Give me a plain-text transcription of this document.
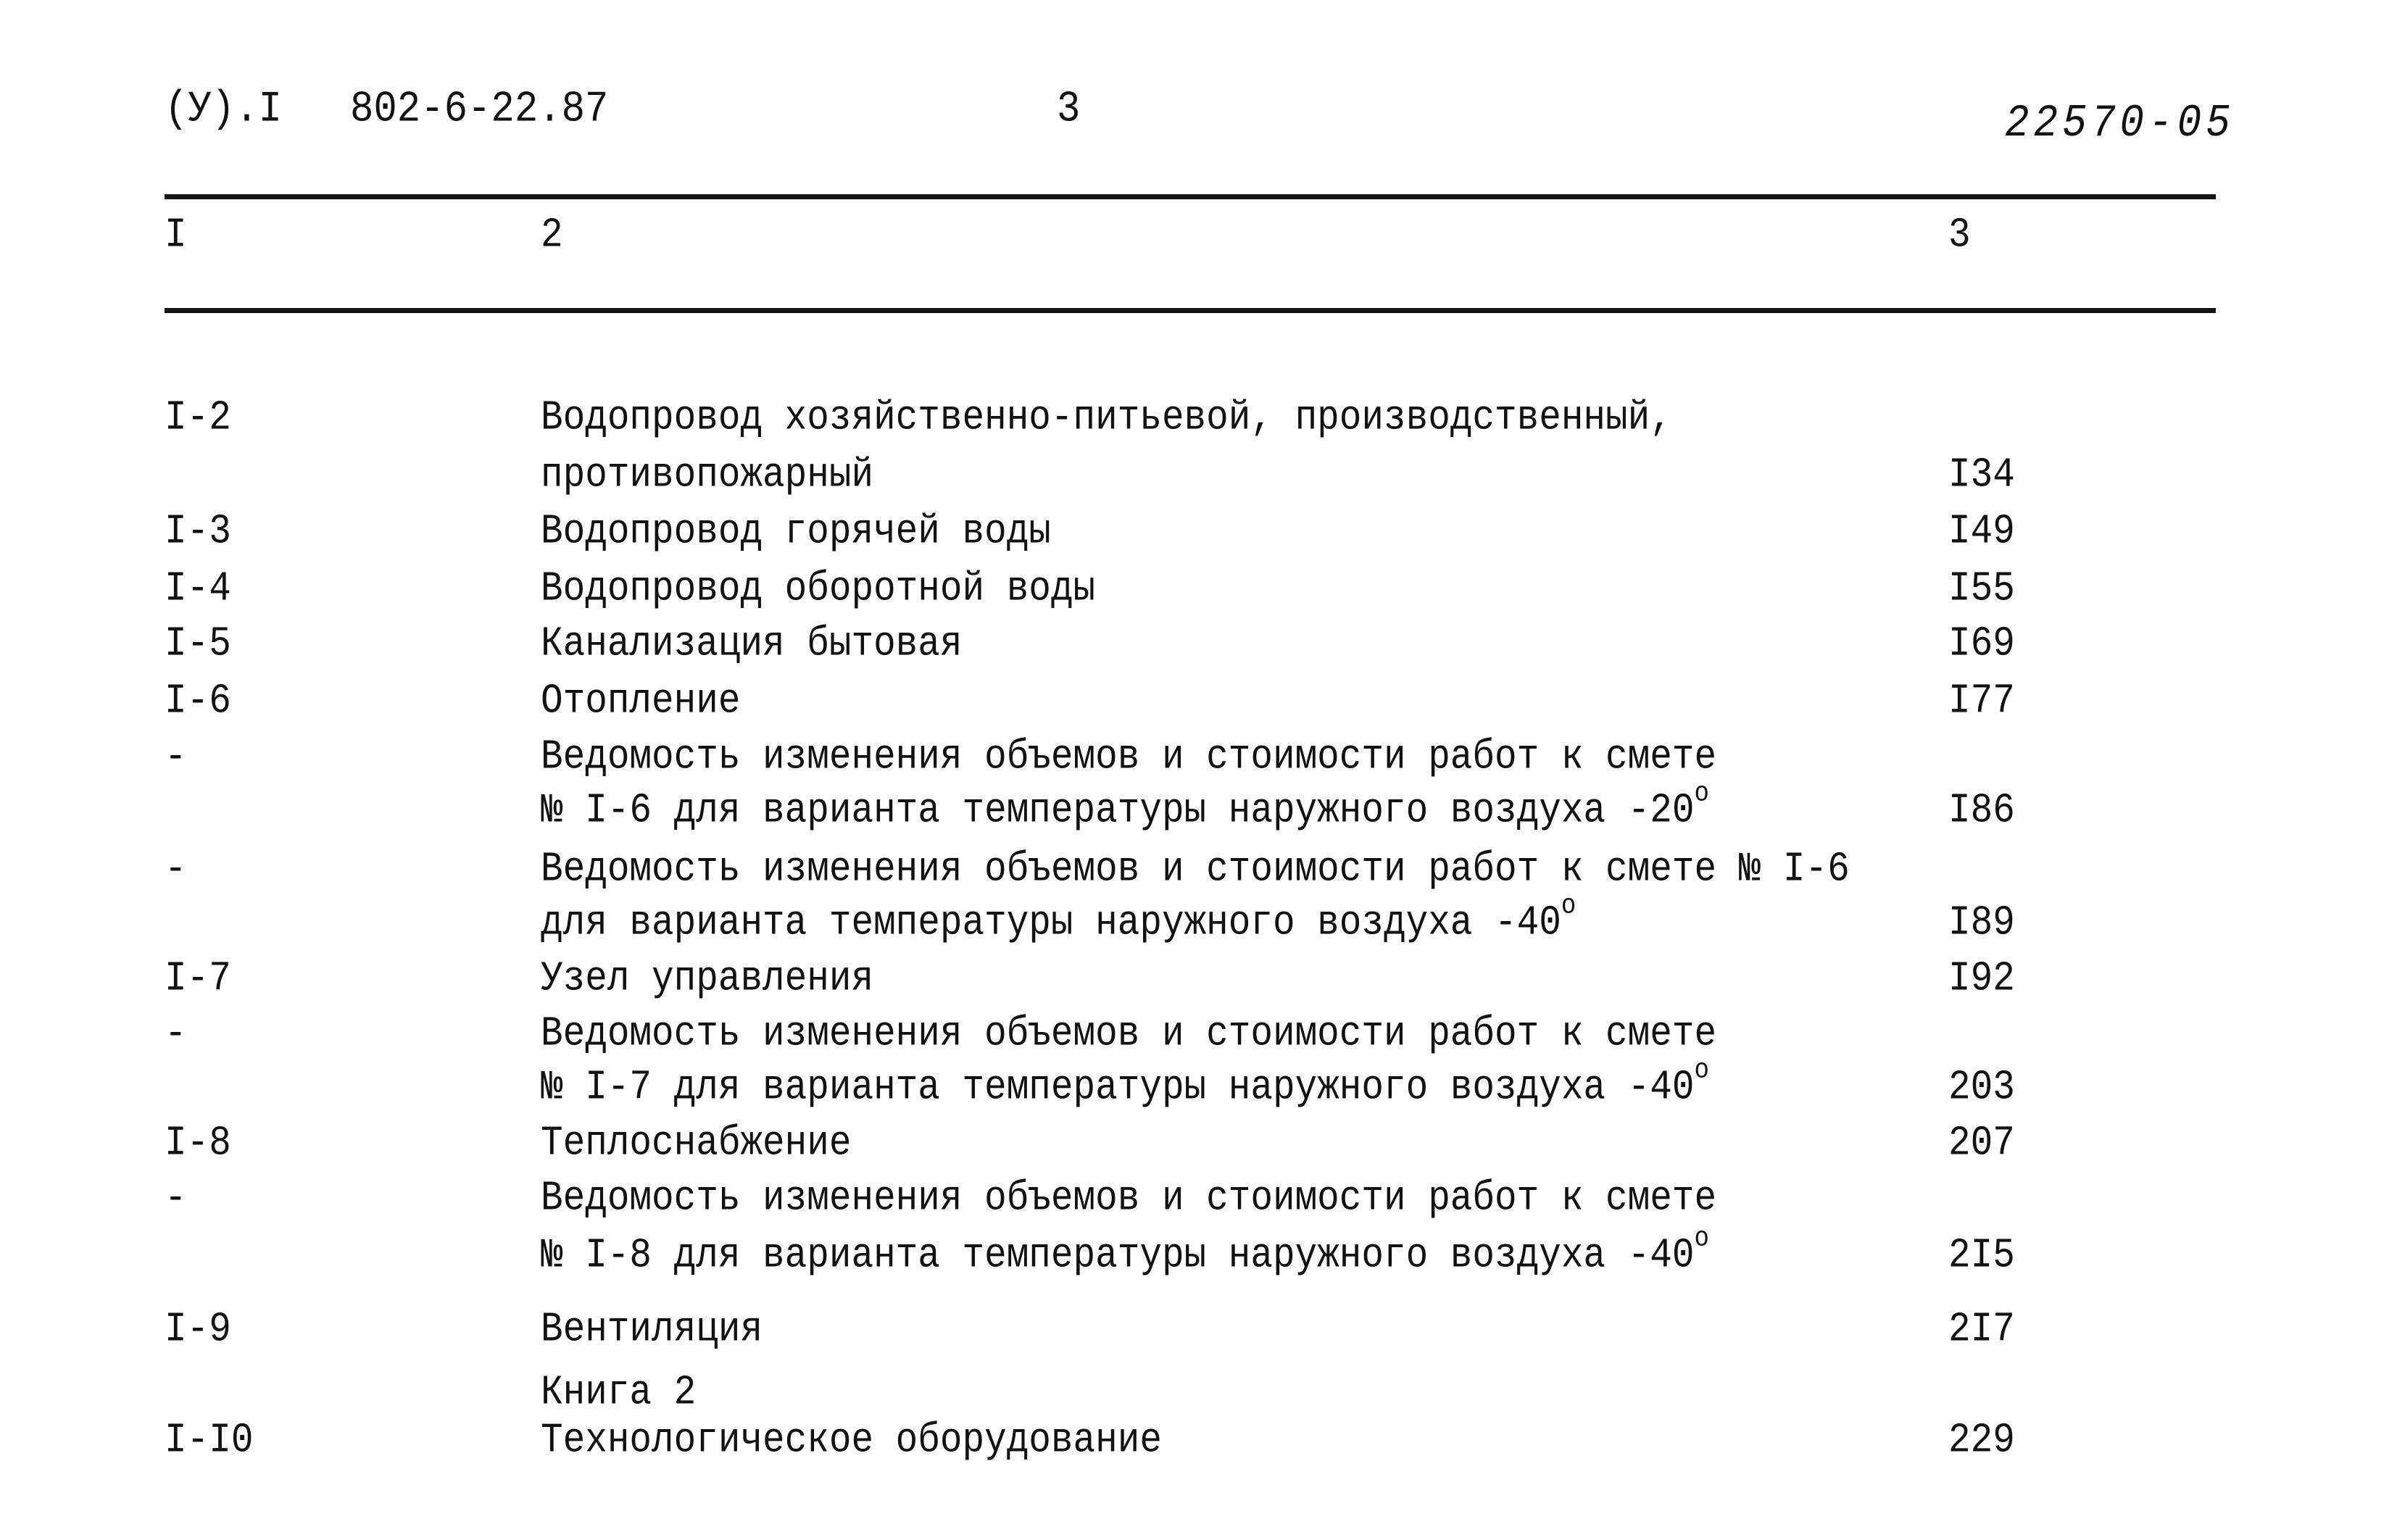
(У).I 802-6-22.87	3	22570-05
I	2	3
I-2	Водопровод хозяйственно-питьевой, производственный,
противопожарный	I34
I-3	Водопровод горячей воды	I49
I-4	Водопровод оборотной воды	I55
I-5	Канализация бытовая	I69
I-6	Отопление	I77
-	Ведомость изменения объемов и стоимости работ к смете
№ I-6 для варианта температуры наружного воздуха -20$^o$	I86
-	Ведомость изменения объемов и стоимости работ к смете № I-6
для варианта температуры наружного воздуха -40$^o$	I89
I-7	Узел управления	I92
-	Ведомость изменения объемов и стоимости работ к смете
№ I-7 для варианта температуры наружного воздуха -40$^o$	203
I-8	Теплоснабжение	207
-	Ведомость изменения объемов и стоимости работ к смете
№ I-8 для варианта температуры наружного воздуха -40$^o$	2I5
I-9	Вентиляция	2I7
Книга 2
I-I0	Технологическое оборудование	229
